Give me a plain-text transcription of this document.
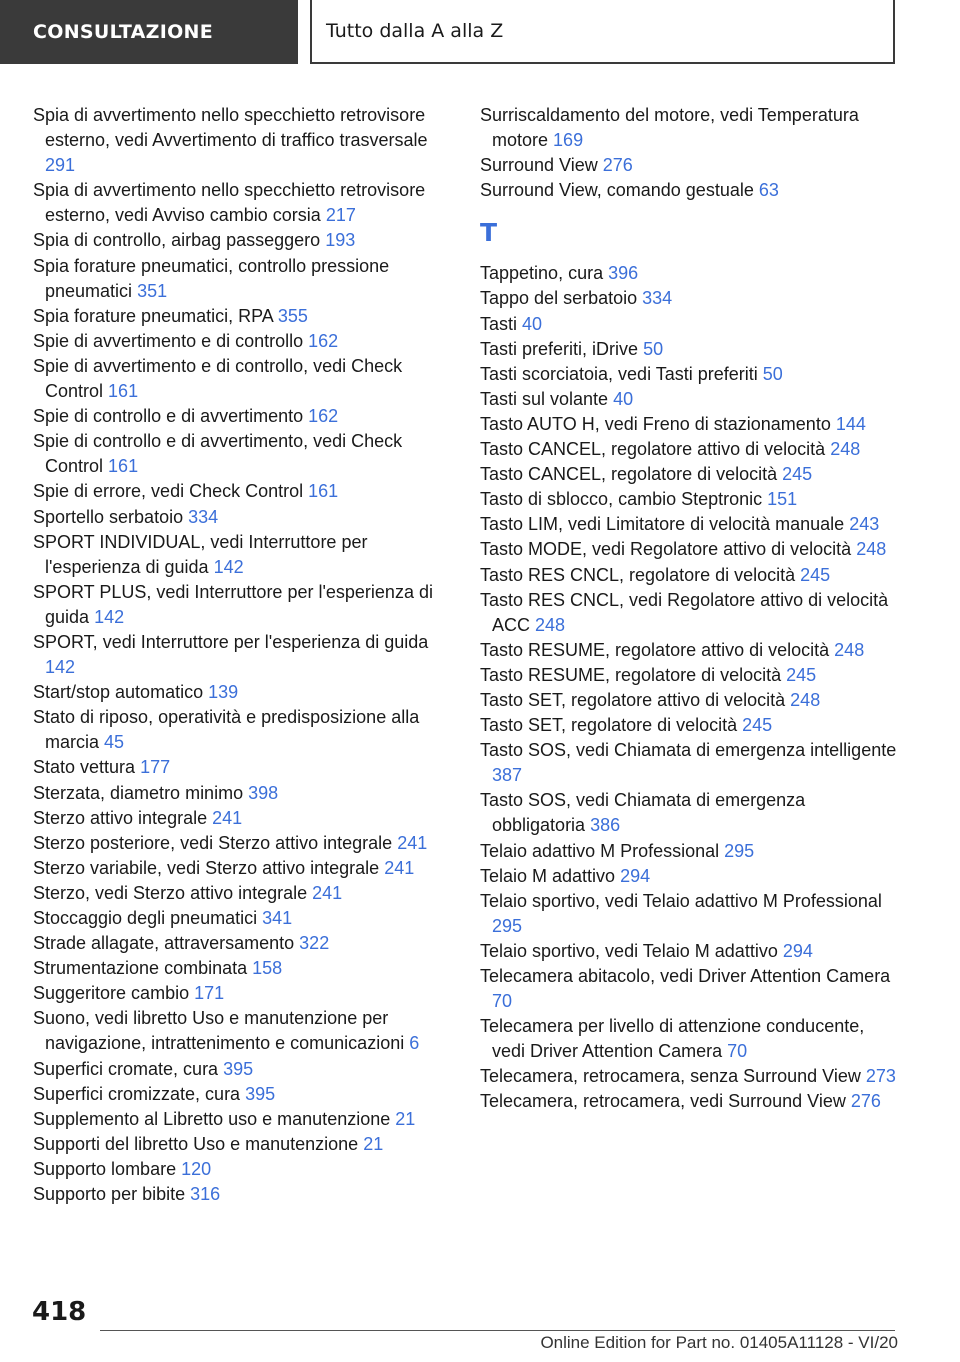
CONSULTAZIONE	Tutto dalla A alla Z
Spia di avvertimento nello specchietto retrovisore esterno, vedi Avvertimento di traffico trasversale 291
Spia di avvertimento nello specchietto retrovisore esterno, vedi Avviso cambio corsia 217
Spia di controllo, airbag passeggero 193
Spia forature pneumatici, controllo pressione pneumatici 351
Spia forature pneumatici, RPA 355
Spie di avvertimento e di controllo 162
Spie di avvertimento e di controllo, vedi Check Control 161
Spie di controllo e di avvertimento 162
Spie di controllo e di avvertimento, vedi Check Control 161
Spie di errore, vedi Check Control 161
Sportello serbatoio 334
SPORT INDIVIDUAL, vedi Interruttore per l'esperienza di guida 142
SPORT PLUS, vedi Interruttore per l'esperienza di guida 142
SPORT, vedi Interruttore per l'esperienza di guida 142
Start/stop automatico 139
Stato di riposo, operatività e predisposizione alla marcia 45
Stato vettura 177
Sterzata, diametro minimo 398
Sterzo attivo integrale 241
Sterzo posteriore, vedi Sterzo attivo integrale 241
Sterzo variabile, vedi Sterzo attivo integrale 241
Sterzo, vedi Sterzo attivo integrale 241
Stoccaggio degli pneumatici 341
Strade allagate, attraversamento 322
Strumentazione combinata 158
Suggeritore cambio 171
Suono, vedi libretto Uso e manutenzione per navigazione, intrattenimento e comunicazioni 6
Superfici cromate, cura 395
Superfici cromizzate, cura 395
Supplemento al Libretto uso e manutenzione 21
Supporti del libretto Uso e manutenzione 21
Supporto lombare 120
Supporto per bibite 316
Surriscaldamento del motore, vedi Temperatura motore 169
Surround View 276
Surround View, comando gestuale 63
T
Tappetino, cura 396
Tappo del serbatoio 334
Tasti 40
Tasti preferiti, iDrive 50
Tasti scorciatoia, vedi Tasti preferiti 50
Tasti sul volante 40
Tasto AUTO H, vedi Freno di stazionamento 144
Tasto CANCEL, regolatore attivo di velocità 248
Tasto CANCEL, regolatore di velocità 245
Tasto di sblocco, cambio Steptronic 151
Tasto LIM, vedi Limitatore di velocità manuale 243
Tasto MODE, vedi Regolatore attivo di velocità 248
Tasto RES CNCL, regolatore di velocità 245
Tasto RES CNCL, vedi Regolatore attivo di velocità ACC 248
Tasto RESUME, regolatore attivo di velocità 248
Tasto RESUME, regolatore di velocità 245
Tasto SET, regolatore attivo di velocità 248
Tasto SET, regolatore di velocità 245
Tasto SOS, vedi Chiamata di emergenza intelligente 387
Tasto SOS, vedi Chiamata di emergenza obbligatoria 386
Telaio adattivo M Professional 295
Telaio M adattivo 294
Telaio sportivo, vedi Telaio adattivo M Professional 295
Telaio sportivo, vedi Telaio M adattivo 294
Telecamera abitacolo, vedi Driver Attention Camera 70
Telecamera per livello di attenzione conducente, vedi Driver Attention Camera 70
Telecamera, retrocamera, senza Surround View 273
Telecamera, retrocamera, vedi Surround View 276
418
Online Edition for Part no. 01405A11128 - VI/20
